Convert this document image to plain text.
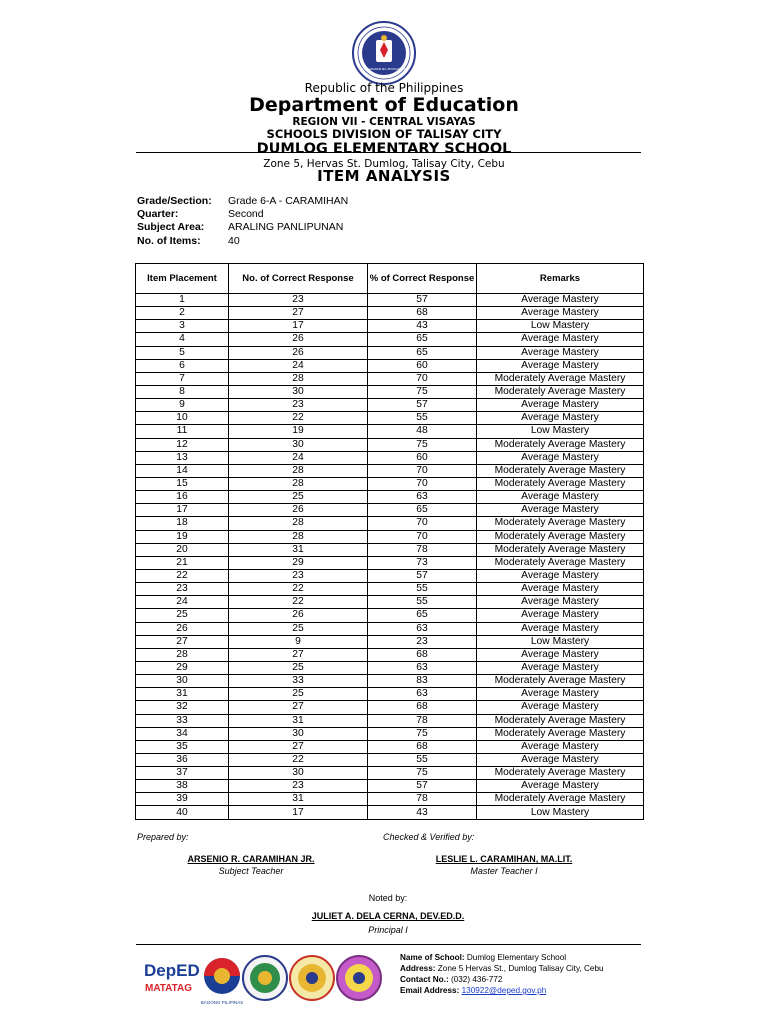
KAGAWARAN NG EDUKASYON
Republic of the Philippines
Department of Education
REGION VII - CENTRAL VISAYAS
SCHOOLS DIVISION OF TALISAY CITY
DUMLOG ELEMENTARY SCHOOL
Zone 5, Hervas St. Dumlog, Talisay City, Cebu
ITEM ANALYSIS
Grade/Section:	Grade 6-A - CARAMIHAN
Quarter:	Second
Subject Area:	ARALING PANLIPUNAN
No. of Items:	40
Item Placement	No. of Correct Response	% of Correct Response	Remarks
1	23	57	Average Mastery
2	27	68	Average Mastery
3	17	43	Low Mastery
4	26	65	Average Mastery
5	26	65	Average Mastery
6	24	60	Average Mastery
7	28	70	Moderately Average Mastery
8	30	75	Moderately Average Mastery
9	23	57	Average Mastery
10	22	55	Average Mastery
11	19	48	Low Mastery
12	30	75	Moderately Average Mastery
13	24	60	Average Mastery
14	28	70	Moderately Average Mastery
15	28	70	Moderately Average Mastery
16	25	63	Average Mastery
17	26	65	Average Mastery
18	28	70	Moderately Average Mastery
19	28	70	Moderately Average Mastery
20	31	78	Moderately Average Mastery
21	29	73	Moderately Average Mastery
22	23	57	Average Mastery
23	22	55	Average Mastery
24	22	55	Average Mastery
25	26	65	Average Mastery
26	25	63	Average Mastery
27	9	23	Low Mastery
28	27	68	Average Mastery
29	25	63	Average Mastery
30	33	83	Moderately Average Mastery
31	25	63	Average Mastery
32	27	68	Average Mastery
33	31	78	Moderately Average Mastery
34	30	75	Moderately Average Mastery
35	27	68	Average Mastery
36	22	55	Average Mastery
37	30	75	Moderately Average Mastery
38	23	57	Average Mastery
39	31	78	Moderately Average Mastery
40	17	43	Low Mastery
Prepared by:	Checked & Verified by:
ARSENIO R. CARAMIHAN JR.
Subject Teacher
LESLIE L. CARAMIHAN, MA.LIT.
Master Teacher I
Noted by:
JULIET A. DELA CERNA, DEV.ED.D.
Principal I
DepED
MATATAG
BAGONG PILIPINAS
Name of School: Dumlog Elementary School
Address: Zone 5 Hervas St., Dumlog Talisay City, Cebu
Contact No.: (032) 436-772
Email Address: 130922@deped.gov.ph
